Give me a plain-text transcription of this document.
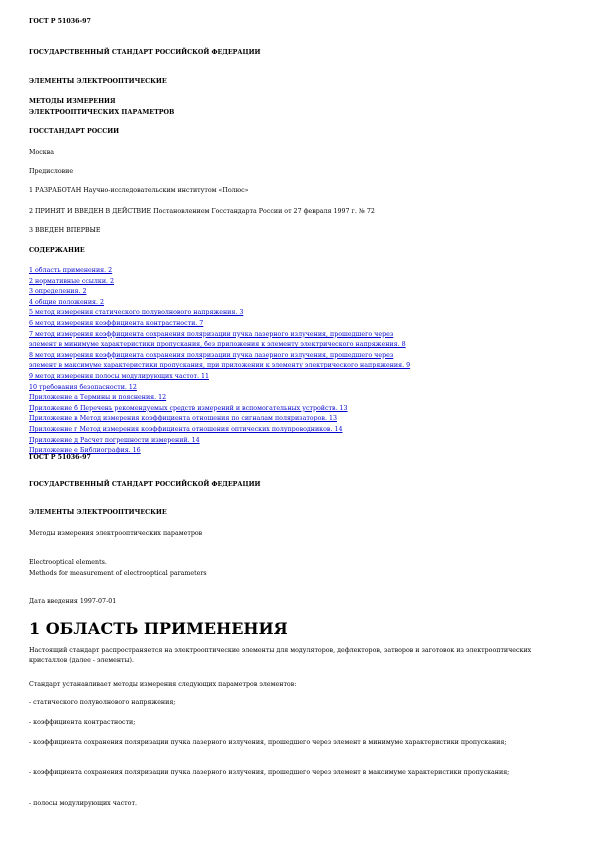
ГОСТ Р 51036-97
ГОСУДАРСТВЕННЫЙ СТАНДАРТ РОССИЙСКОЙ ФЕДЕРАЦИИ
ЭЛЕМЕНТЫ ЭЛЕКТРООПТИЧЕСКИЕ
МЕТОДЫ ИЗМЕРЕНИЯ
ЭЛЕКТРООПТИЧЕСКИХ ПАРАМЕТРОВ
ГОССТАНДАРТ РОССИИ
Москва
Предисловие
1 РАЗРАБОТАН Научно-исследовательским институтом «Полюс»
2 ПРИНЯТ И ВВЕДЕН В ДЕЙСТВИЕ Постановлением Госстандарта России от 27 февраля 1997 г. № 72
3 ВВЕДЕН ВПЕРВЫЕ
СОДЕРЖАНИЕ
1 область применения. 2
2 нормативные ссылки. 2
3 определения. 2
4 общие положения. 2
5 метод измерения статического полуволнового напряжения. 3
6 метод измерения коэффициента контрастности. 7
7 метод измерения коэффициента сохранения поляризации пучка лазерного излучения, прошедшего через
элемент в минимуме характеристики пропускания, без приложения к элементу электрического напряжения. 8
8 метод измерения коэффициента сохранения поляризации пучка лазерного излучения, прошедшего через
элемент в максимуме характеристики пропускания, при приложении к элементу электрического напряжения. 9
9 метод измерения полосы модулирующих частот. 11
10 требования безопасности. 12
Приложение а Термины и пояснения. 12
Приложение б Перечень рекомендуемых средств измерений и вспомогательных устройств. 13
Приложение в Метод измерения коэффициента отношения по сигналам поляризаторов. 13
Приложение г Метод измерения коэффициента отношения оптических полупроводников. 14
Приложение д Расчет погрешности измерений. 14
Приложение е Библиография. 16
ГОСТ Р 51036-97
ГОСУДАРСТВЕННЫЙ СТАНДАРТ РОССИЙСКОЙ ФЕДЕРАЦИИ
ЭЛЕМЕНТЫ ЭЛЕКТРООПТИЧЕСКИЕ
Методы измерения электрооптических параметров
Electrooptical elements.
Methods for measurement of electrooptical parameters
Дата введения 1997-07-01
1 ОБЛАСТЬ ПРИМЕНЕНИЯ
Настоящий стандарт распространяется на электрооптические элементы для модуляторов, дефлекторов, затворов и заготовок из электрооптических кристаллов (далее - элементы).
Стандарт устанавливает методы измерения следующих параметров элементов:
- статического полуволнового напряжения;
- коэффициента контрастности;
- коэффициента сохранения поляризации пучка лазерного излучения, прошедшего через элемент в минимуме характеристики пропускания;
- коэффициента сохранения поляризации пучка лазерного излучения, прошедшего через элемент в максимуме характеристики пропускания;
- полосы модулирующих частот.
